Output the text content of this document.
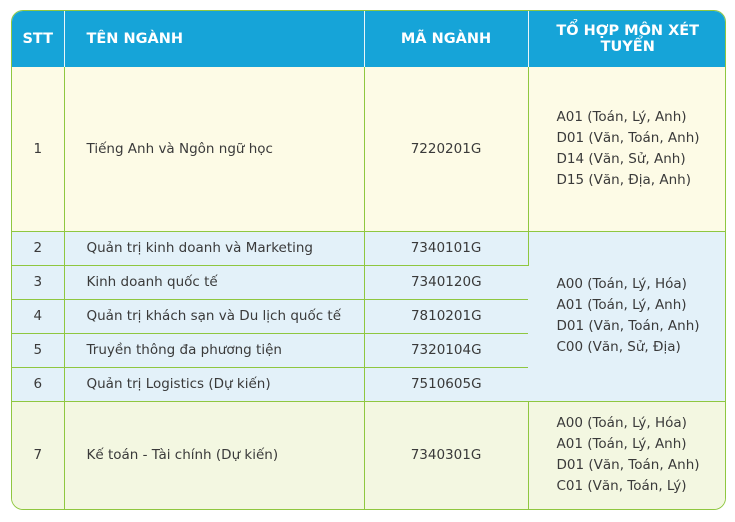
STT	TÊN NGÀNH	MÃ NGÀNH	TỔ HỢP MÔN XÉT TUYỂN
1	Tiếng Anh và Ngôn ngữ học	7220201G	A01 (Toán, Lý, Anh)
D01 (Văn, Toán, Anh)
D14 (Văn, Sử, Anh)
D15 (Văn, Địa, Anh)

2	Quản trị kinh doanh và Marketing	7340101G	A00 (Toán, Lý, Hóa)
A01 (Toán, Lý, Anh)
D01 (Văn, Toán, Anh)
C00 (Văn, Sử, Địa)

3	Kinh doanh quốc tế	7340120G	
4	Quản trị khách sạn và Du lịch quốc tế	7810201G	
5	Truyền thông đa phương tiện	7320104G	
6	Quản trị Logistics (Dự kiến)	7510605G	
7	Kế toán - Tài chính (Dự kiến)	7340301G	A00 (Toán, Lý, Hóa)
A01 (Toán, Lý, Anh)
D01 (Văn, Toán, Anh)
C01 (Văn, Toán, Lý)
